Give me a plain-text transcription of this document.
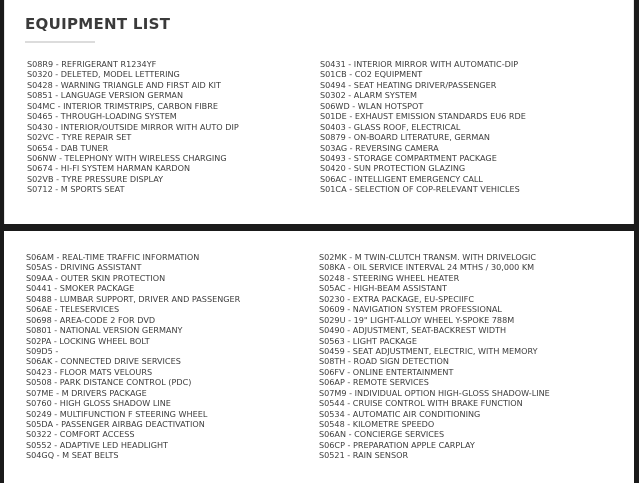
EQUIPMENT LIST
S08R9 - REFRIGERANT R1234YF
S0320 - DELETED, MODEL LETTERING
S0428 - WARNING TRIANGLE AND FIRST AID KIT
S0851 - LANGUAGE VERSION GERMAN
S04MC - INTERIOR TRIMSTRIPS, CARBON FIBRE
S0465 - THROUGH-LOADING SYSTEM
S0430 - INTERIOR/OUTSIDE MIRROR WITH AUTO DIP
S02VC - TYRE REPAIR SET
S0654 - DAB TUNER
S06NW - TELEPHONY WITH WIRELESS CHARGING
S0674 - HI-FI SYSTEM HARMAN KARDON
S02VB - TYRE PRESSURE DISPLAY
S0712 - M SPORTS SEAT
S0431 - INTERIOR MIRROR WITH AUTOMATIC-DIP
S01CB - CO2 EQUIPMENT
S0494 - SEAT HEATING DRIVER/PASSENGER
S0302 - ALARM SYSTEM
S06WD - WLAN HOTSPOT
S01DE - EXHAUST EMISSION STANDARDS EU6 RDE
S0403 - GLASS ROOF, ELECTRICAL
S0879 - ON-BOARD LITERATURE, GERMAN
S03AG - REVERSING CAMERA
S0493 - STORAGE COMPARTMENT PACKAGE
S0420 - SUN PROTECTION GLAZING
S06AC - INTELLIGENT EMERGENCY CALL
S01CA - SELECTION OF COP-RELEVANT VEHICLES
S06AM - REAL-TIME TRAFFIC INFORMATION
S05AS - DRIVING ASSISTANT
S09AA - OUTER SKIN PROTECTION
S0441 - SMOKER PACKAGE
S0488 - LUMBAR SUPPORT, DRIVER AND PASSENGER
S06AE - TELESERVICES
S0698 - AREA-CODE 2 FOR DVD
S0801 - NATIONAL VERSION GERMANY
S02PA - LOCKING WHEEL BOLT
S09D5 -
S06AK - CONNECTED DRIVE SERVICES
S0423 - FLOOR MATS VELOURS
S0508 - PARK DISTANCE CONTROL (PDC)
S07ME - M DRIVERS PACKAGE
S0760 - HIGH GLOSS SHADOW LINE
S0249 - MULTIFUNCTION F STEERING WHEEL
S05DA - PASSENGER AIRBAG DEACTIVATION
S0322 - COMFORT ACCESS
S0552 - ADAPTIVE LED HEADLIGHT
S04GQ - M SEAT BELTS
S02MK - M TWIN-CLUTCH TRANSM. WITH DRIVELOGIC
S08KA - OIL SERVICE INTERVAL 24 MTHS / 30,000 KM
S0248 - STEERING WHEEL HEATER
S05AC - HIGH-BEAM ASSISTANT
S0230 - EXTRA PACKAGE, EU-SPECIIFC
S0609 - NAVIGATION SYSTEM PROFESSIONAL
S029U - 19" LIGHT-ALLOY WHEEL Y-SPOKE 788M
S0490 - ADJUSTMENT, SEAT-BACKREST WIDTH
S0563 - LIGHT PACKAGE
S0459 - SEAT ADJUSTMENT, ELECTRIC, WITH MEMORY
S08TH - ROAD SIGN DETECTION
S06FV - ONLINE ENTERTAINMENT
S06AP - REMOTE SERVICES
S07M9 - INDIVIDUAL OPTION HIGH-GLOSS SHADOW-LINE
S0544 - CRUISE CONTROL WITH BRAKE FUNCTION
S0534 - AUTOMATIC AIR CONDITIONING
S0548 - KILOMETRE SPEEDO
S06AN - CONCIERGE SERVICES
S06CP - PREPARATION APPLE CARPLAY
S0521 - RAIN SENSOR
